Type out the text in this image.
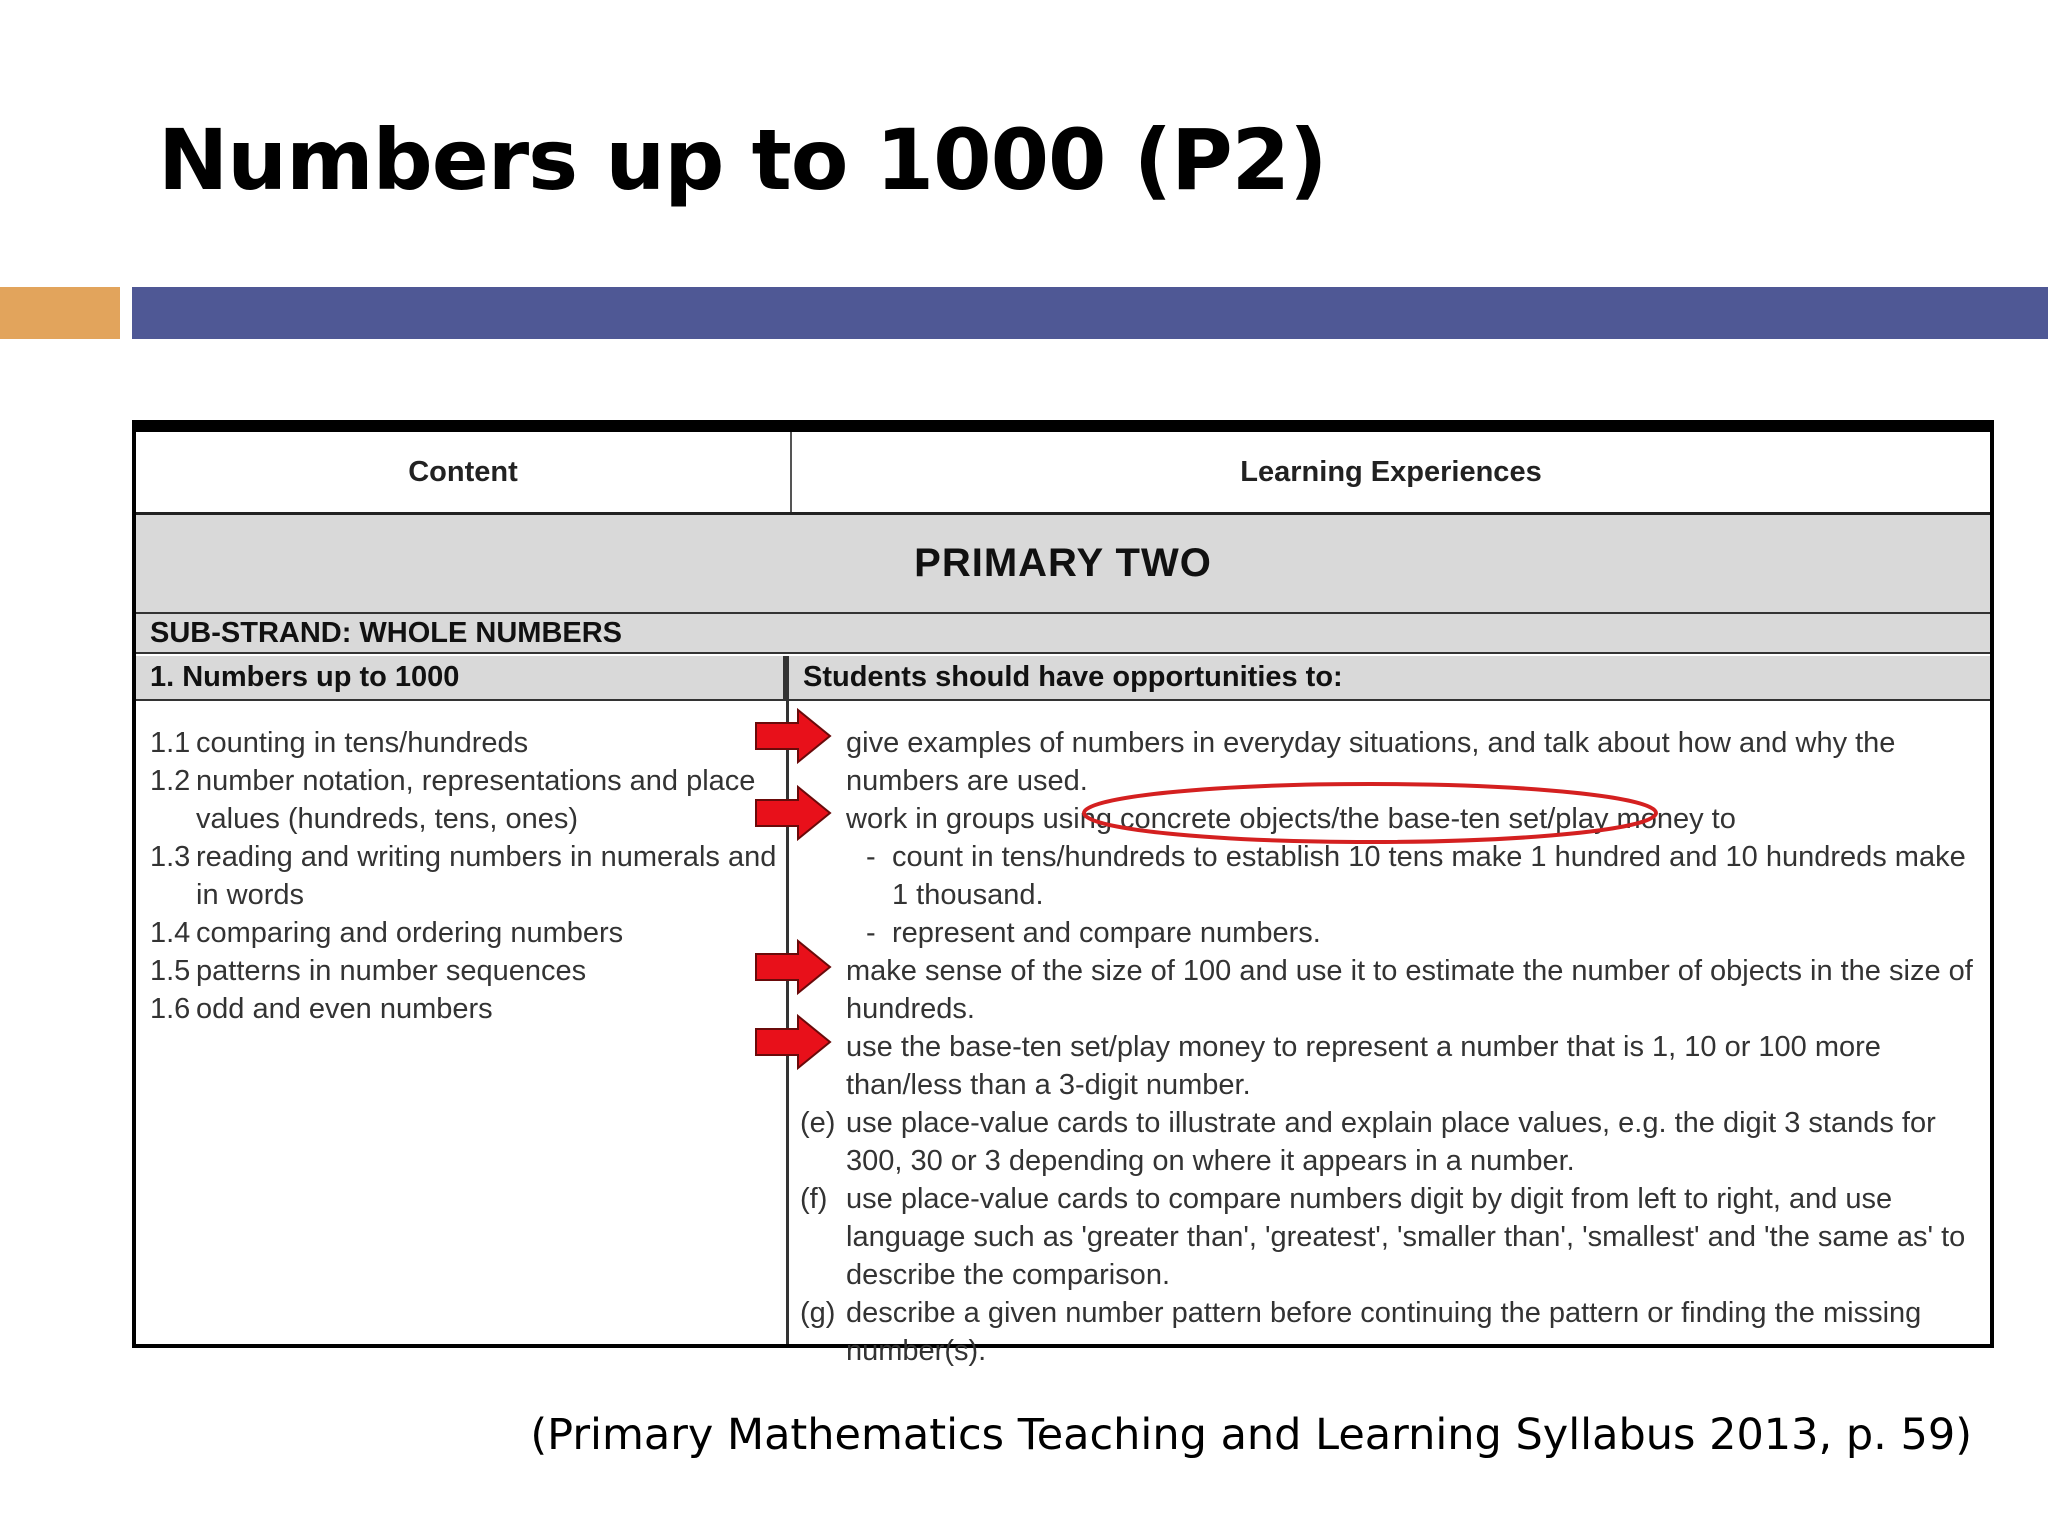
Numbers up to 1000 (P2)
Content	Learning Experiences
PRIMARY TWO
SUB-STRAND: WHOLE NUMBERS
1. Numbers up to 1000	Students should have opportunities to:
1.1 counting in tens/hundreds
1.2 number notation, representations and place values (hundreds, tens, ones)
1.3 reading and writing numbers in numerals and in words
1.4 comparing and ordering numbers
1.5 patterns in number sequences
1.6 odd and even numbers
give examples of numbers in everyday situations, and talk about how and why the numbers are used.
work in groups using concrete objects/the base-ten set/play money to
- count in tens/hundreds to establish 10 tens make 1 hundred and 10 hundreds make 1 thousand.
- represent and compare numbers.
make sense of the size of 100 and use it to estimate the number of objects in the size of hundreds.
use the base-ten set/play money to represent a number that is 1, 10 or 100 more than/less than a 3-digit number.
(e) use place-value cards to illustrate and explain place values, e.g. the digit 3 stands for 300, 30 or 3 depending on where it appears in a number.
(f) use place-value cards to compare numbers digit by digit from left to right, and use language such as 'greater than', 'greatest', 'smaller than', 'smallest' and 'the same as' to describe the comparison.
(g) describe a given number pattern before continuing the pattern or finding the missing number(s).
(Primary Mathematics Teaching and Learning Syllabus 2013, p. 59)
